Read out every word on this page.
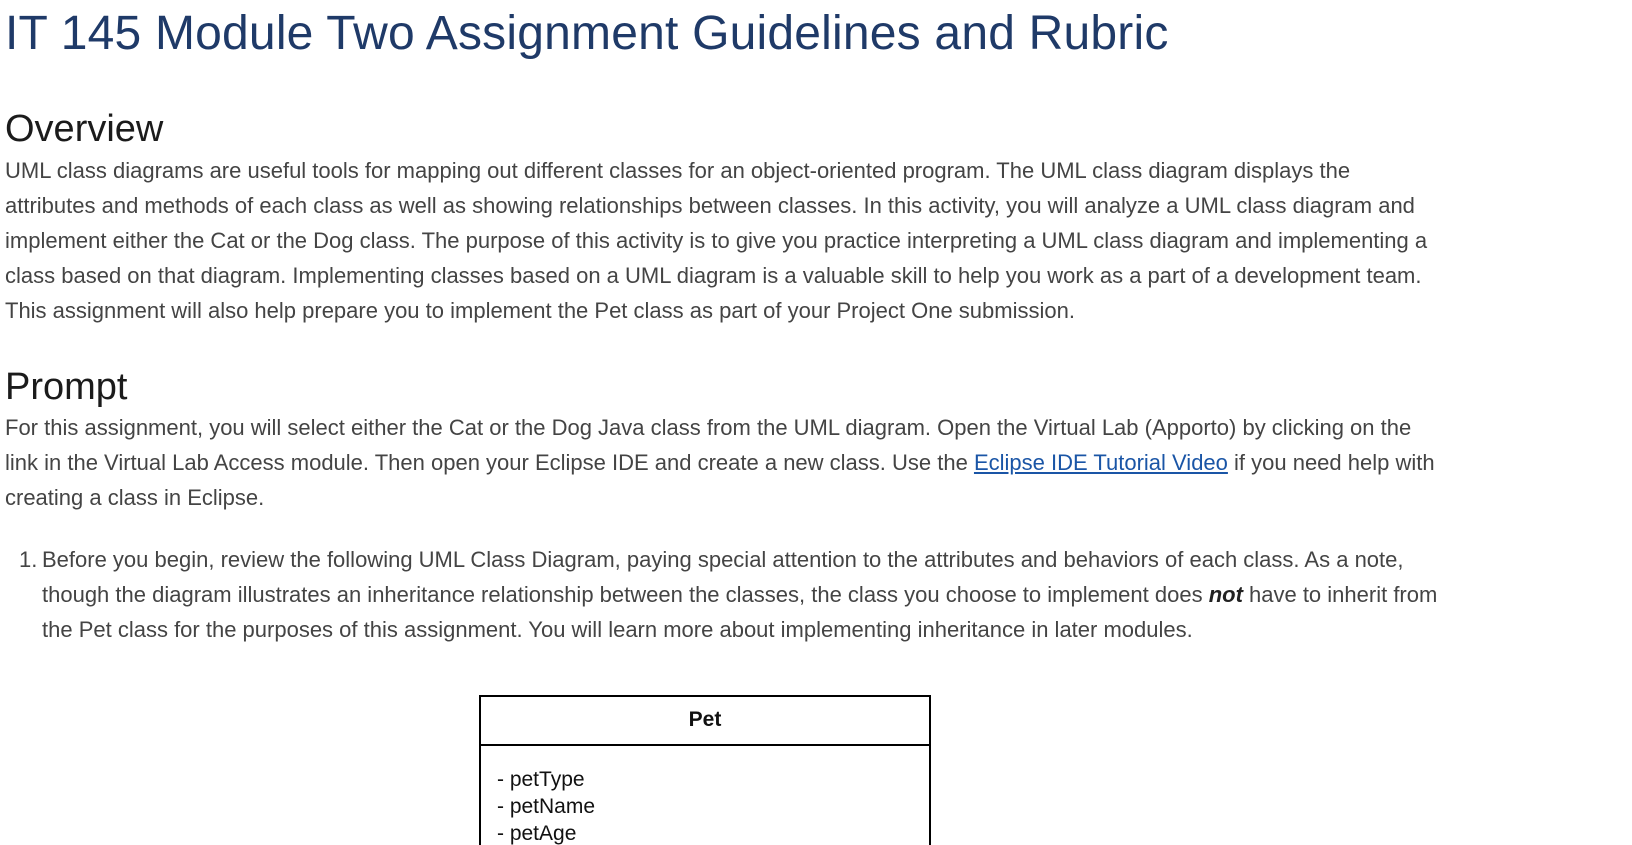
IT 145 Module Two Assignment Guidelines and Rubric
Overview

UML class diagrams are useful tools for mapping out different classes for an object-oriented program. The UML class diagram displays the attributes and methods of each class as well as showing relationships between classes. In this activity, you will analyze a UML class diagram and implement either the Cat or the Dog class. The purpose of this activity is to give you practice interpreting a UML class diagram and implementing a class based on that diagram. Implementing classes based on a UML diagram is a valuable skill to help you work as a part of a development team. This assignment will also help prepare you to implement the Pet class as part of your Project One submission.

Prompt

For this assignment, you will select either the Cat or the Dog Java class from the UML diagram. Open the Virtual Lab (Apporto) by clicking on the link in the Virtual Lab Access module. Then open your Eclipse IDE and create a new class. Use the Eclipse IDE Tutorial Video if you need help with creating a class in Eclipse.

1. Before you begin, review the following UML Class Diagram, paying special attention to the attributes and behaviors of each class. As a note, though the diagram illustrates an inheritance relationship between the classes, the class you choose to implement does not have to inherit from the Pet class for the purposes of this assignment. You will learn more about implementing inheritance in later modules.
Pet
- petType
- petName
- petAge
